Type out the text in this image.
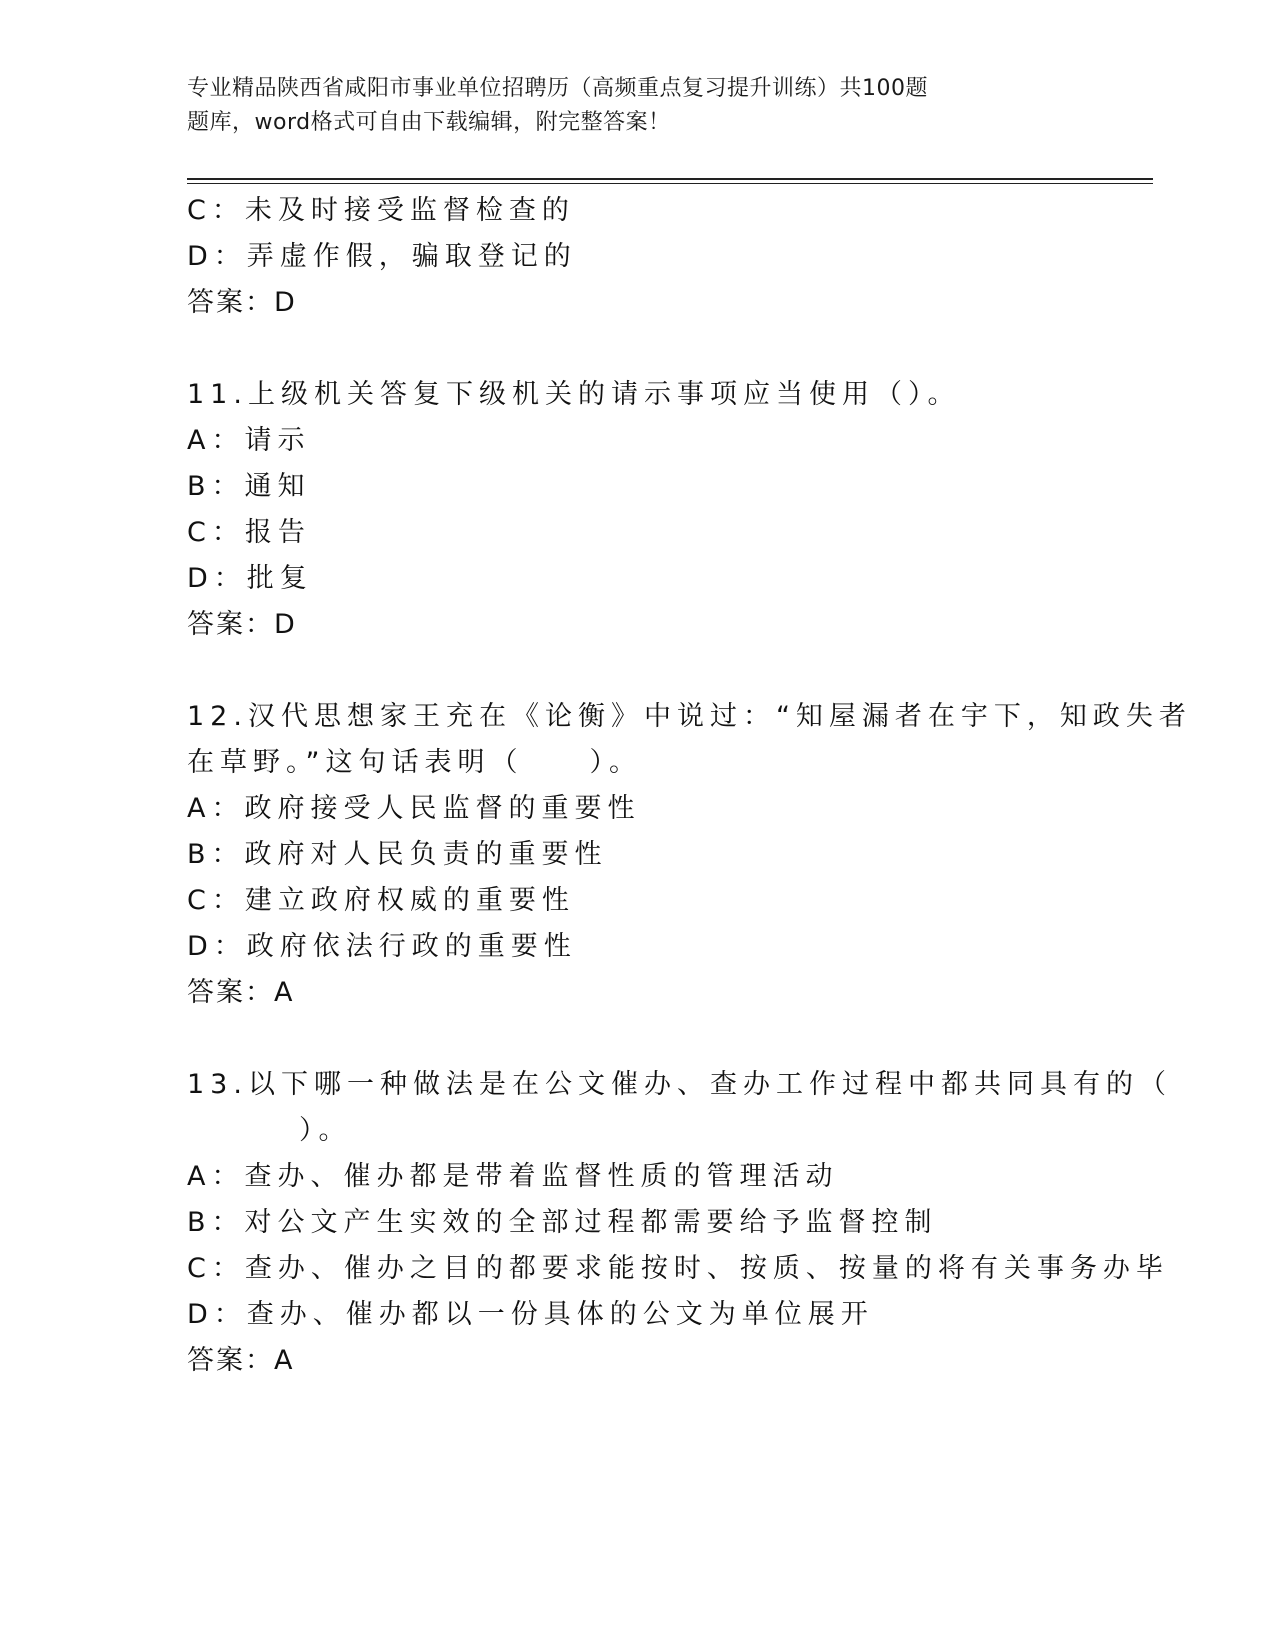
专业精品陕西省咸阳市事业单位招聘历（高频重点复习提升训练）共100题

题库，word格式可自由下载编辑，附完整答案！

C：未及时接受监督检查的

D：弄虚作假，骗取登记的

答案：D

11.上级机关答复下级机关的请示事项应当使用（）。

A：请示

B：通知

C：报告

D：批复

答案：D

12.汉代思想家王充在《论衡》中说过：“知屋漏者在宇下，知政失者

在草野。”这句话表明（　　）。

A：政府接受人民监督的重要性

B：政府对人民负责的重要性

C：建立政府权威的重要性

D：政府依法行政的重要性

答案：A

13.以下哪一种做法是在公文催办、查办工作过程中都共同具有的（

）。

A：查办、催办都是带着监督性质的管理活动

B：对公文产生实效的全部过程都需要给予监督控制

C：查办、催办之目的都要求能按时、按质、按量的将有关事务办毕

D：查办、催办都以一份具体的公文为单位展开

答案：A
